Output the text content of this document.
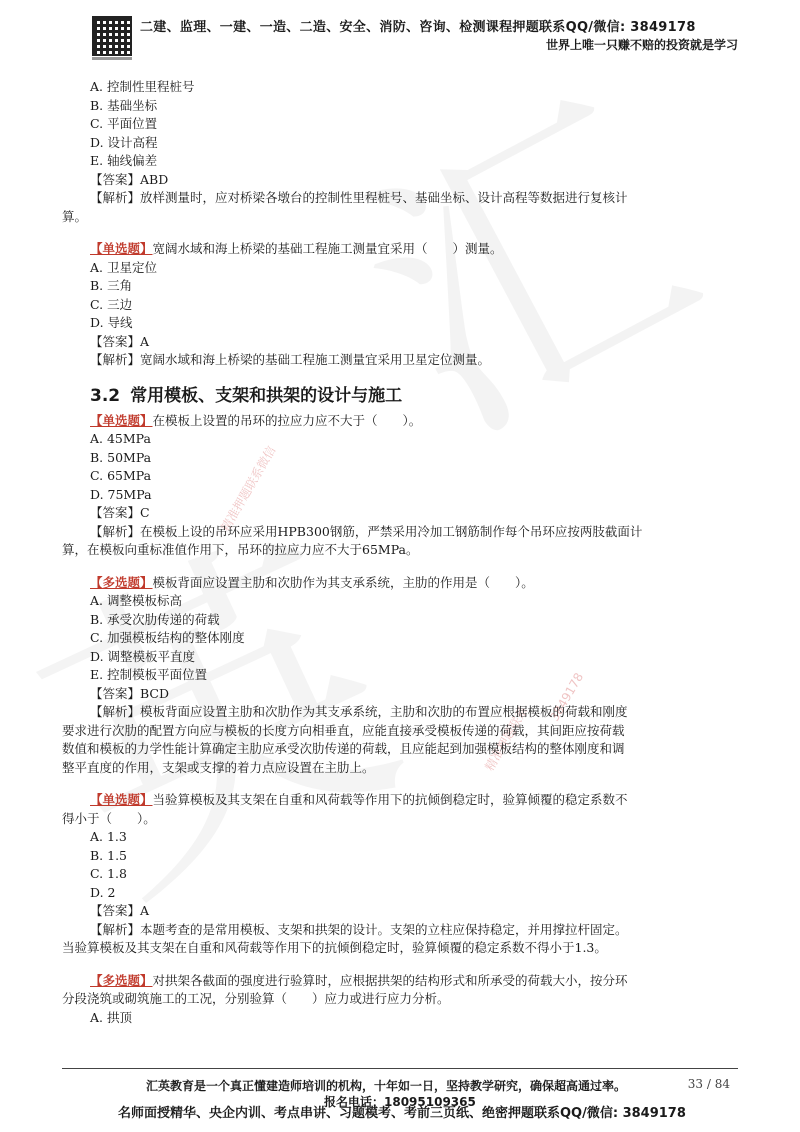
二建、监理、一建、一造、二造、安全、消防、咨询、检测课程押题联系QQ/微信: 3849178
世界上唯一只赚不赔的投资就是学习
精准押题联系微信
3849178
精准押题联系
A. 控制性里程桩号
B. 基础坐标
C. 平面位置
D. 设计高程
E. 轴线偏差
【答案】ABD
【解析】放样测量时，应对桥梁各墩台的控制性里程桩号、基础坐标、设计高程等数据进行复核计
算。
【单选题】宽阔水域和海上桥梁的基础工程施工测量宜采用（　　）测量。
A. 卫星定位
B. 三角
C. 三边
D. 导线
【答案】A
【解析】宽阔水域和海上桥梁的基础工程施工测量宜采用卫星定位测量。
3.2 常用模板、支架和拱架的设计与施工
【单选题】在模板上设置的吊环的拉应力应不大于（　　）。
A. 45MPa
B. 50MPa
C. 65MPa
D. 75MPa
【答案】C
【解析】在模板上设的吊环应采用HPB300钢筋，严禁采用冷加工钢筋制作每个吊环应按两肢截面计
算，在模板向重标准值作用下，吊环的拉应力应不大于65MPa。
【多选题】模板背面应设置主肋和次肋作为其支承系统，主肋的作用是（　　）。
A. 调整模板标高
B. 承受次肋传递的荷载
C. 加强模板结构的整体刚度
D. 调整模板平直度
E. 控制模板平面位置
【答案】BCD
【解析】模板背面应设置主肋和次肋作为其支承系统，主肋和次肋的布置应根据模板的荷载和刚度
要求进行次肋的配置方向应与模板的长度方向相垂直，应能直接承受模板传递的荷载，其间距应按荷载
数值和模板的力学性能计算确定主肋应承受次肋传递的荷载，且应能起到加强模板结构的整体刚度和调
整平直度的作用，支架或支撑的着力点应设置在主肋上。
【单选题】当验算模板及其支架在自重和风荷载等作用下的抗倾倒稳定时，验算倾覆的稳定系数不
得小于（　　）。
A. 1.3
B. 1.5
C. 1.8
D. 2
【答案】A
【解析】本题考查的是常用模板、支架和拱架的设计。支架的立柱应保持稳定，并用撑拉杆固定。
当验算模板及其支架在自重和风荷载等作用下的抗倾倒稳定时，验算倾覆的稳定系数不得小于1.3。
【多选题】对拱架各截面的强度进行验算时，应根据拱架的结构形式和所承受的荷载大小，按分环
分段浇筑或砌筑施工的工况，分别验算（　　）应力或进行应力分析。
A. 拱顶
汇英教育是一个真正懂建造师培训的机构，十年如一日，坚持教学研究，确保超高通过率。	33 / 84
报名电话：18095109365
名师面授精华、央企内训、考点串讲、习题模考、考前三页纸、绝密押题联系QQ/微信: 3849178
